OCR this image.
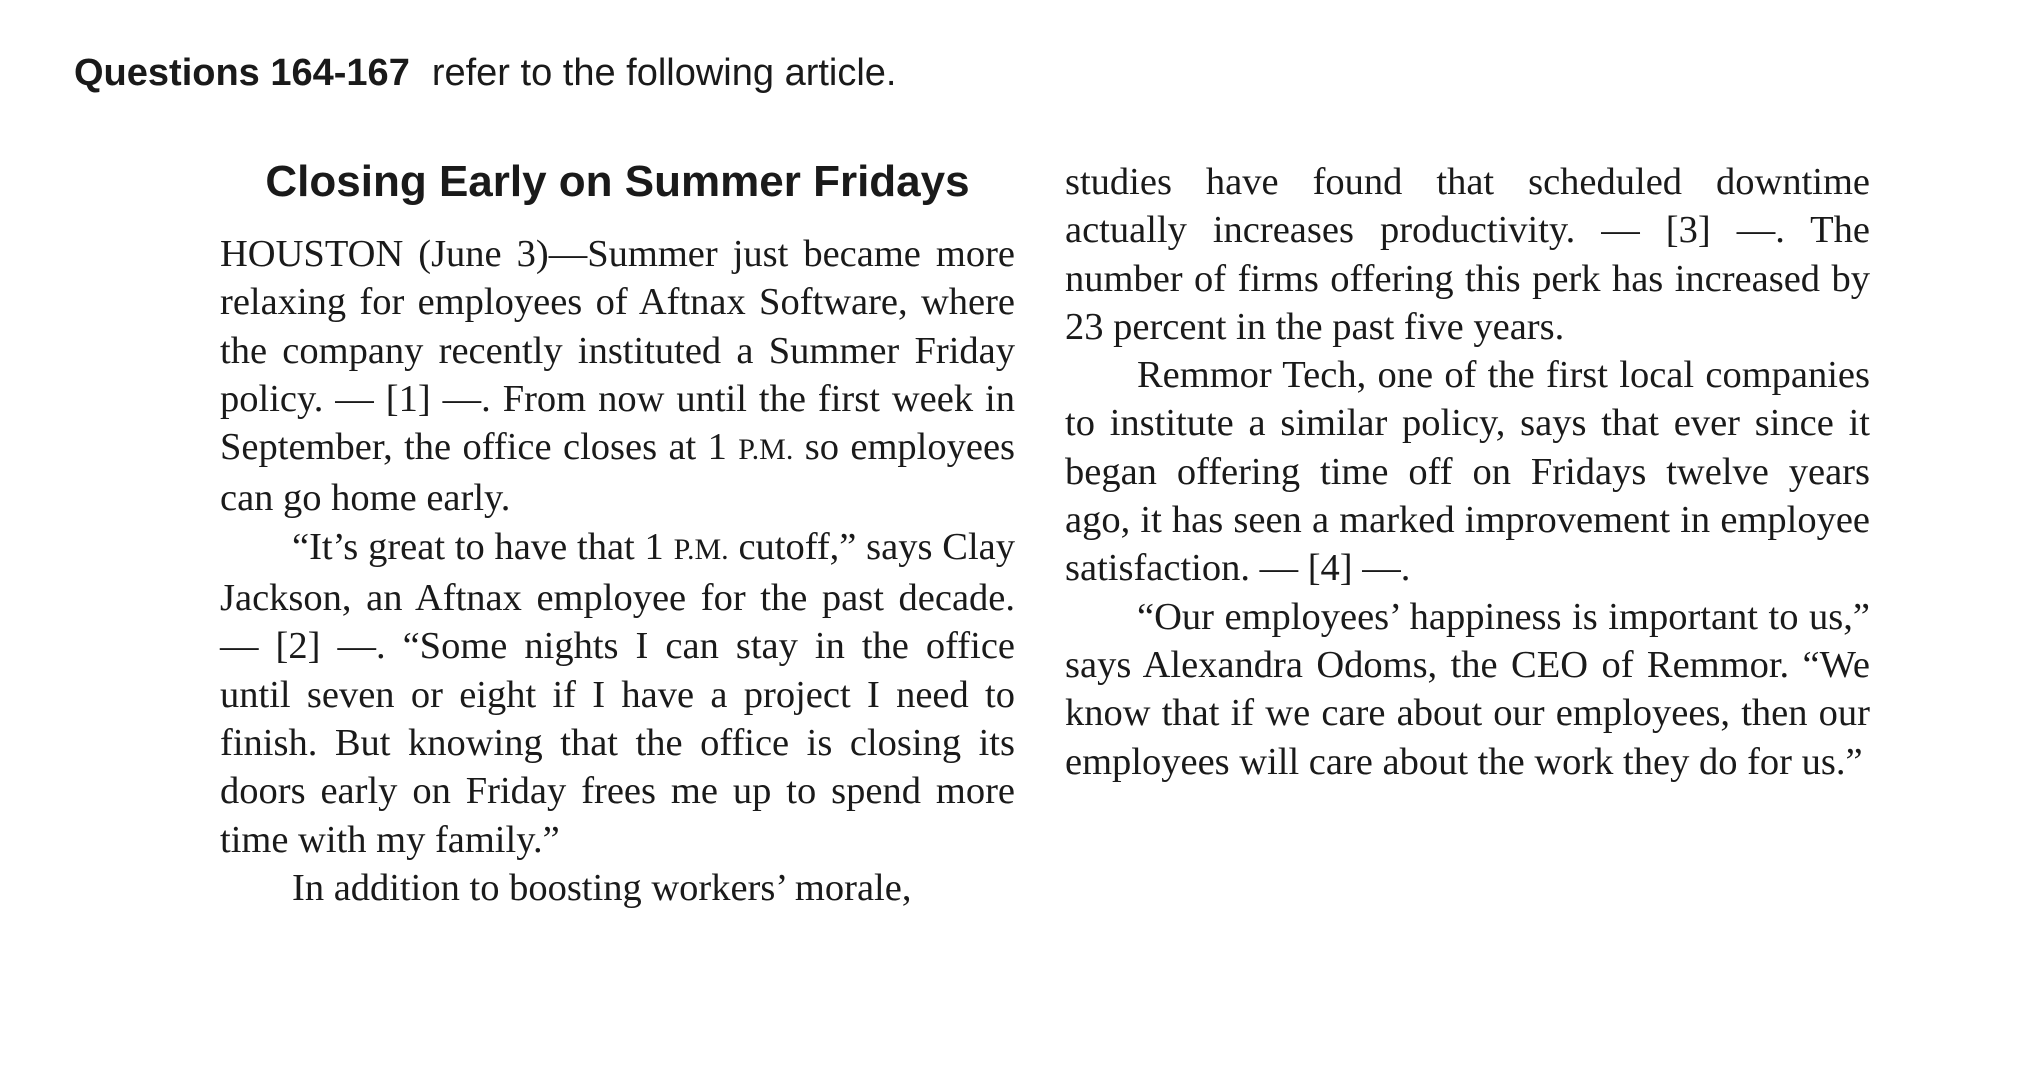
Questions 164-167 refer to the following article.
Closing Early on Summer Fridays

HOUSTON (June 3)—Summer just became more relaxing for employees of Aftnax Software, where the company recently instituted a Summer Friday policy. — [1] —. From now until the first week in September, the office closes at 1 P.M. so employees can go home early.

“It’s great to have that 1 P.M. cutoff,” says Clay Jackson, an Aftnax employee for the past decade. — [2] —. “Some nights I can stay in the office until seven or eight if I have a project I need to finish. But knowing that the office is closing its doors early on Friday frees me up to spend more time with my family.”

In addition to boosting workers’ morale,

studies have found that scheduled downtime actually increases productivity. — [3] —. The number of firms offering this perk has increased by 23 percent in the past five years.

Remmor Tech, one of the first local companies to institute a similar policy, says that ever since it began offering time off on Fridays twelve years ago, it has seen a marked improvement in employee satisfaction. — [4] —.

“Our employees’ happiness is important to us,” says Alexandra Odoms, the CEO of Remmor. “We know that if we care about our employees, then our employees will care about the work they do for us.”
